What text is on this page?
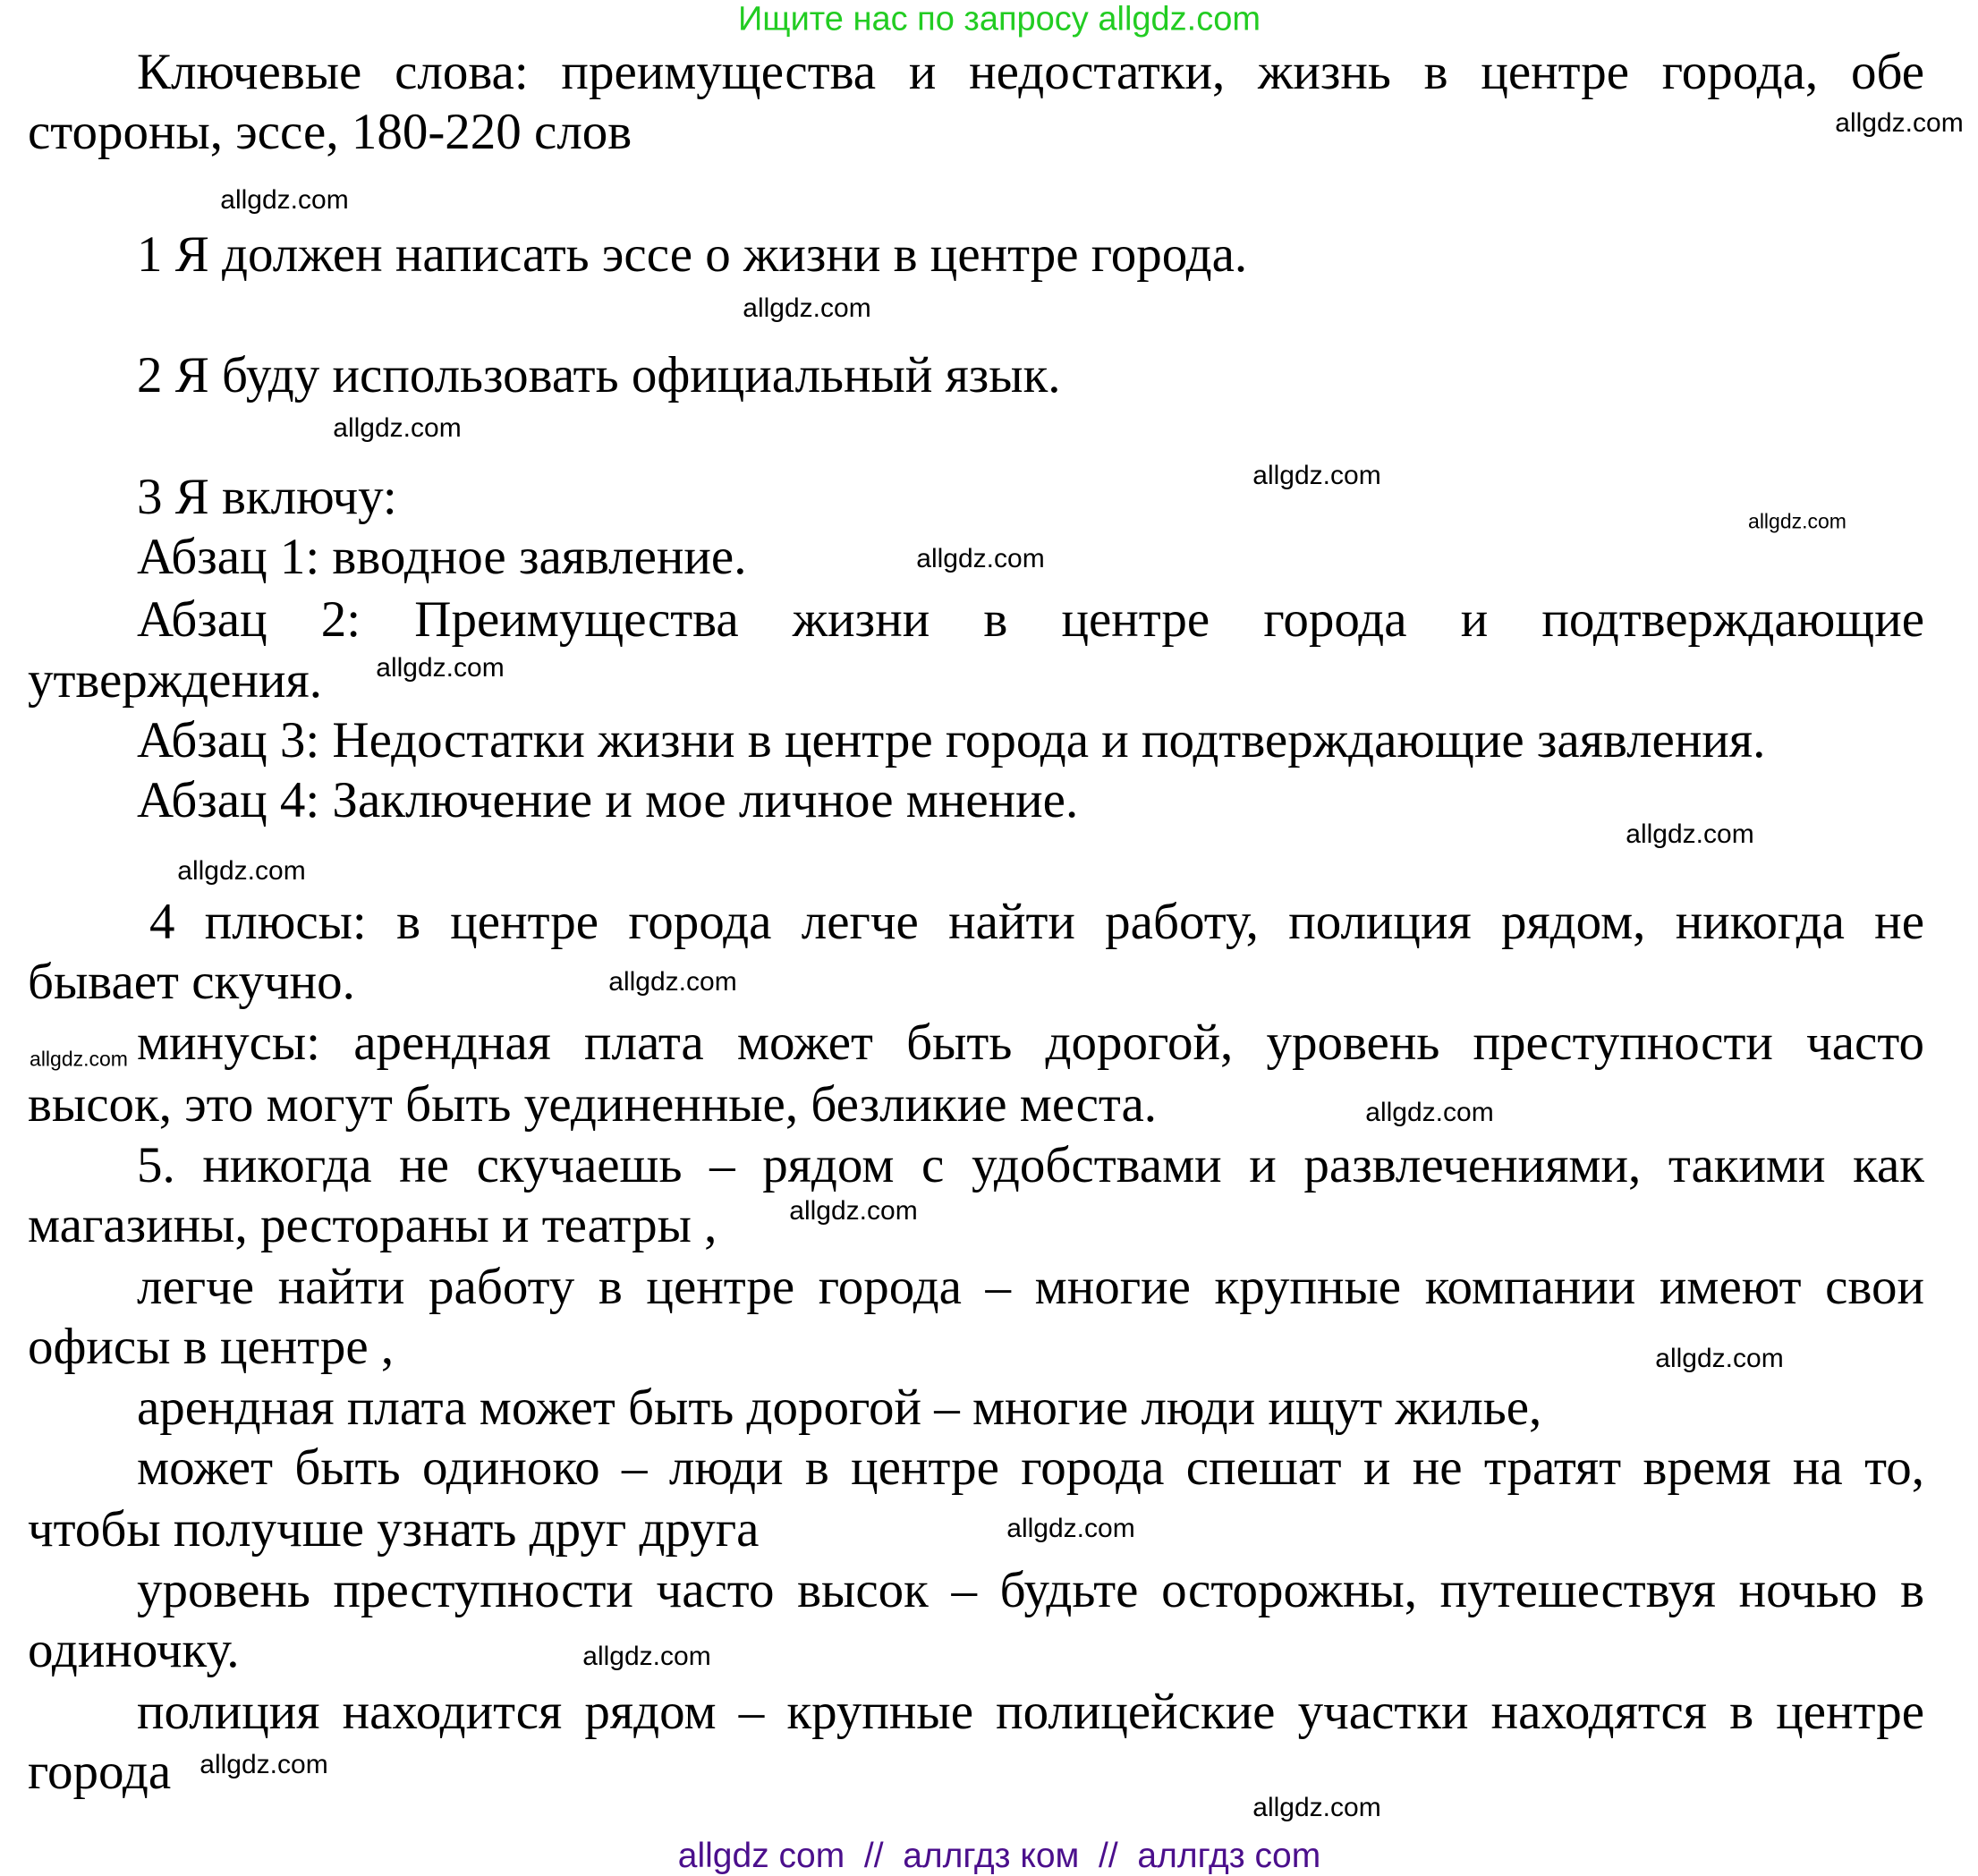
Ищите нас по запросу allgdz.com
Ключевые слова: преимущества и недостатки, жизнь в центре города, обе
стороны, эссе, 180-220 слов
1 Я должен написать эссе о жизни в центре города.
2 Я буду использовать официальный язык.
3 Я включу:
Абзац 1: вводное заявление.
Абзац 2: Преимущества жизни в центре города и подтверждающие
утверждения.
Абзац 3: Недостатки жизни в центре города и подтверждающие заявления.
Абзац 4: Заключение и мое личное мнение.
4 плюсы: в центре города легче найти работу, полиция рядом, никогда не
бывает скучно.
минусы: арендная плата может быть дорогой, уровень преступности часто
высок, это могут быть уединенные, безликие места.
5. никогда не скучаешь – рядом с удобствами и развлечениями, такими как
магазины, рестораны и театры ,
легче найти работу в центре города – многие крупные компании имеют свои
офисы в центре ,
арендная плата может быть дорогой – многие люди ищут жилье,
может быть одиноко – люди в центре города спешат и не тратят время на то,
чтобы получше узнать друг друга
уровень преступности часто высок – будьте осторожны, путешествуя ночью в
одиночку.
полиция находится рядом – крупные полицейские участки находятся в центре
города
allgdz.com
allgdz.com
allgdz.com
allgdz.com
allgdz.com
allgdz.com
allgdz.com
allgdz.com
allgdz.com
allgdz.com
allgdz.com
allgdz.com
allgdz.com
allgdz.com
allgdz.com
allgdz.com
allgdz.com
allgdz.com
allgdz.com
allgdz com  //  аллгдз ком  //  аллгдз com
